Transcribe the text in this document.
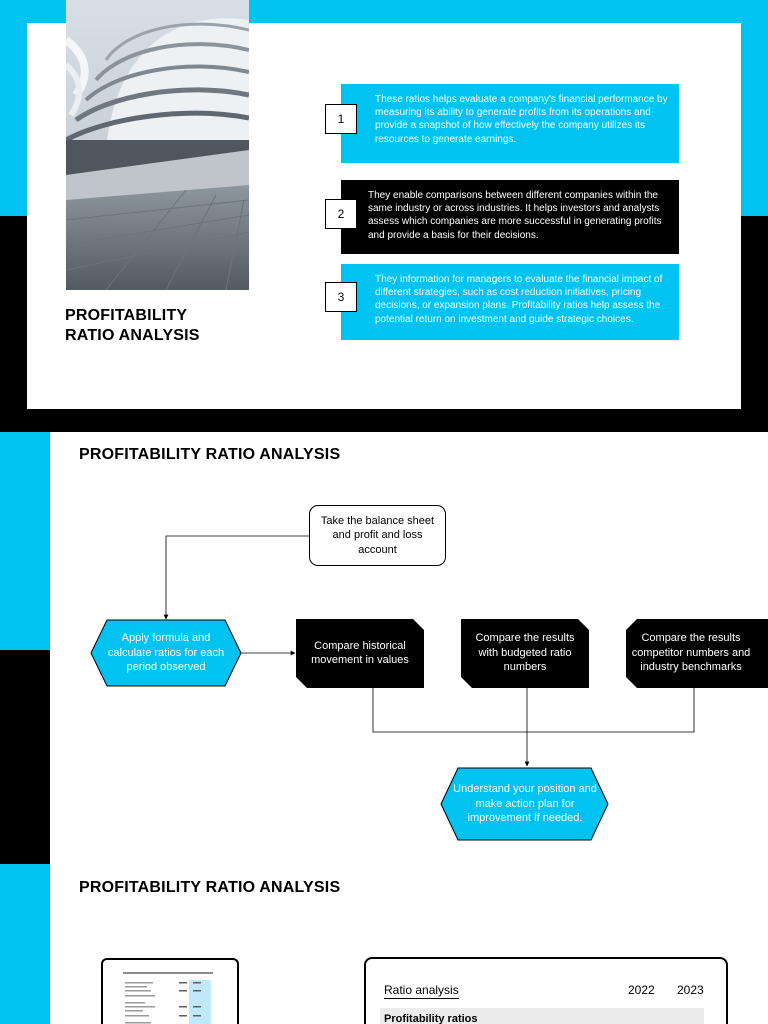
PROFITABILITY
RATIO ANALYSIS
These ratios helps evaluate a company's financial performance by measuring its ability to generate profits from its operations and provide a snapshot of how effectively the company utilizes its resources to generate earnings.
1
They enable comparisons between different companies within the same industry or across industries. It helps investors and analysts assess which companies are more successful in generating profits and provide a basis for their decisions.
2
They information for managers to evaluate the financial impact of different strategies, such as cost reduction initiatives, pricing decisions, or expansion plans. Profitability ratios help assess the potential return on investment and guide strategic choices.
3
PROFITABILITY RATIO ANALYSIS
Take the balance sheet and profit and loss account
Apply formula and calculate ratios for each period observed
Compare historical movement in values
Compare the results with budgeted ratio numbers
Compare the results competitor numbers and industry benchmarks
Understand your position and make action plan for improvement if needed.
PROFITABILITY RATIO ANALYSIS
Ratio analysis	2022 2023
Profitability ratios
